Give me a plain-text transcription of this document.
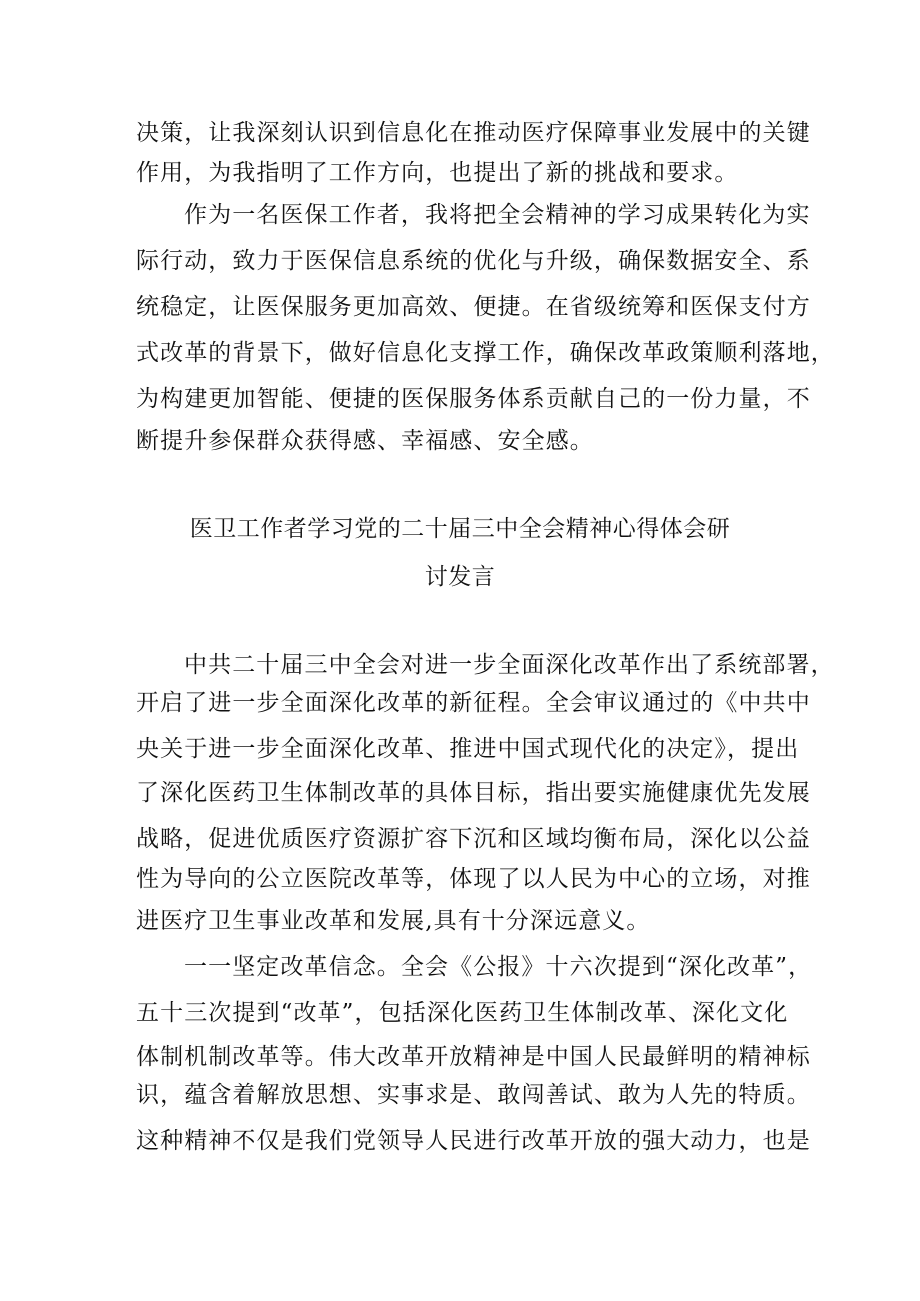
决策，让我深刻认识到信息化在推动医疗保障事业发展中的关键
作用，为我指明了工作方向，也提出了新的挑战和要求。
作为一名医保工作者，我将把全会精神的学习成果转化为实
际行动，致力于医保信息系统的优化与升级，确保数据安全、系
统稳定，让医保服务更加高效、便捷。在省级统筹和医保支付方
式改革的背景下，做好信息化支撑工作，确保改革政策顺利落地，
为构建更加智能、便捷的医保服务体系贡献自己的一份力量，不
断提升参保群众获得感、幸福感、安全感。
医卫工作者学习党的二十届三中全会精神心得体会研
讨发言
中共二十届三中全会对进一步全面深化改革作出了系统部署，
开启了进一步全面深化改革的新征程。全会审议通过的《中共中
央关于进一步全面深化改革、推进中国式现代化的决定》，提出
了深化医药卫生体制改革的具体目标，指出要实施健康优先发展
战略，促进优质医疗资源扩容下沉和区域均衡布局，深化以公益
性为导向的公立医院改革等，体现了以人民为中心的立场，对推
进医疗卫生事业改革和发展,具有十分深远意义。
一一坚定改革信念。全会《公报》十六次提到“深化改革”，
五十三次提到“改革”，包括深化医药卫生体制改革、深化文化
体制机制改革等。伟大改革开放精神是中国人民最鲜明的精神标
识，蕴含着解放思想、实事求是、敢闯善试、敢为人先的特质。
这种精神不仅是我们党领导人民进行改革开放的强大动力，也是
